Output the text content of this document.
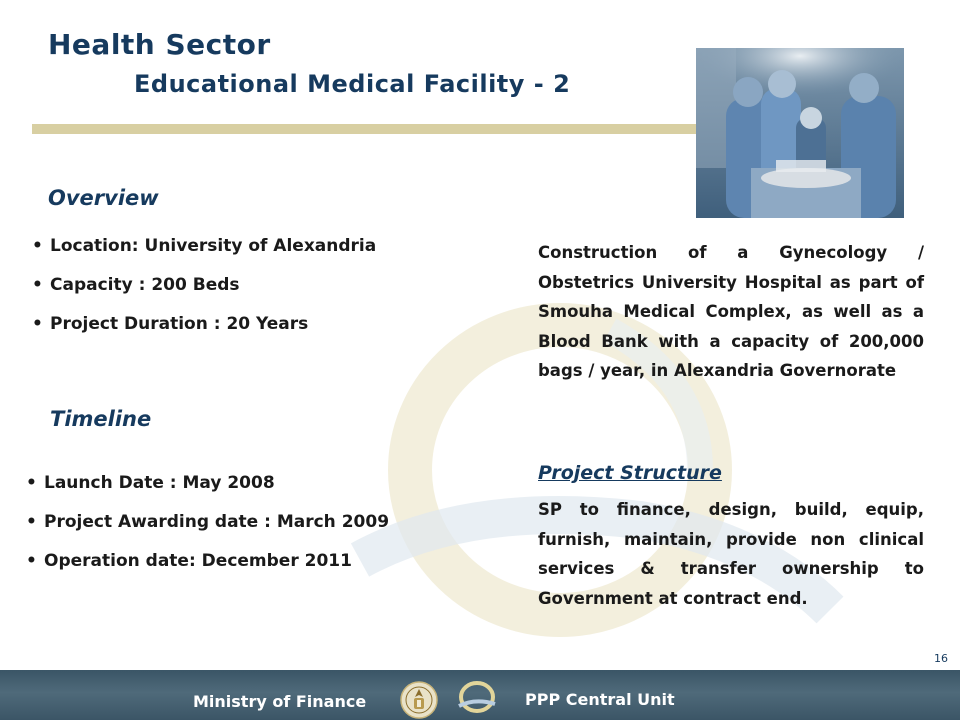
Health Sector
Educational Medical Facility - 2
Overview
• Location: University of Alexandria
• Capacity : 200 Beds
• Project Duration : 20 Years
Timeline
• Launch Date : May 2008
• Project Awarding date : March 2009
• Operation date: December 2011
Construction of a Gynecology / Obstetrics University Hospital as part of Smouha Medical Complex, as well as a Blood Bank with a capacity of 200,000 bags / year, in Alexandria Governorate
Project Structure
SP to finance, design, build, equip, furnish, maintain, provide non clinical services & transfer ownership to Government at contract end.
16
Ministry of Finance	PPP Central Unit
